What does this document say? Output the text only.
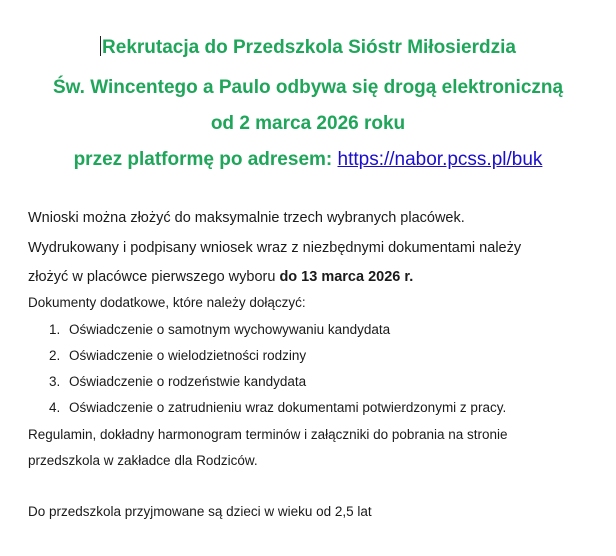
Rekrutacja do Przedszkola Sióstr Miłosierdzia
Św. Wincentego a Paulo odbywa się drogą elektroniczną
od 2 marca 2026 roku
przez platformę po adresem: https://nabor.pcss.pl/buk
Wnioski można złożyć do maksymalnie trzech wybranych placówek.
Wydrukowany i podpisany wniosek wraz z niezbędnymi dokumentami należy
złożyć w placówce pierwszego wyboru do 13 marca 2026 r.
Dokumenty dodatkowe, które należy dołączyć:
1. Oświadczenie o samotnym wychowywaniu kandydata
2. Oświadczenie o wielodzietności rodziny
3. Oświadczenie o rodzeństwie kandydata
4. Oświadczenie o zatrudnieniu wraz dokumentami potwierdzonymi z pracy.
Regulamin, dokładny harmonogram terminów i załączniki do pobrania na stronie
przedszkola w zakładce dla Rodziców.
Do przedszkola przyjmowane są dzieci w wieku od 2,5 lat
